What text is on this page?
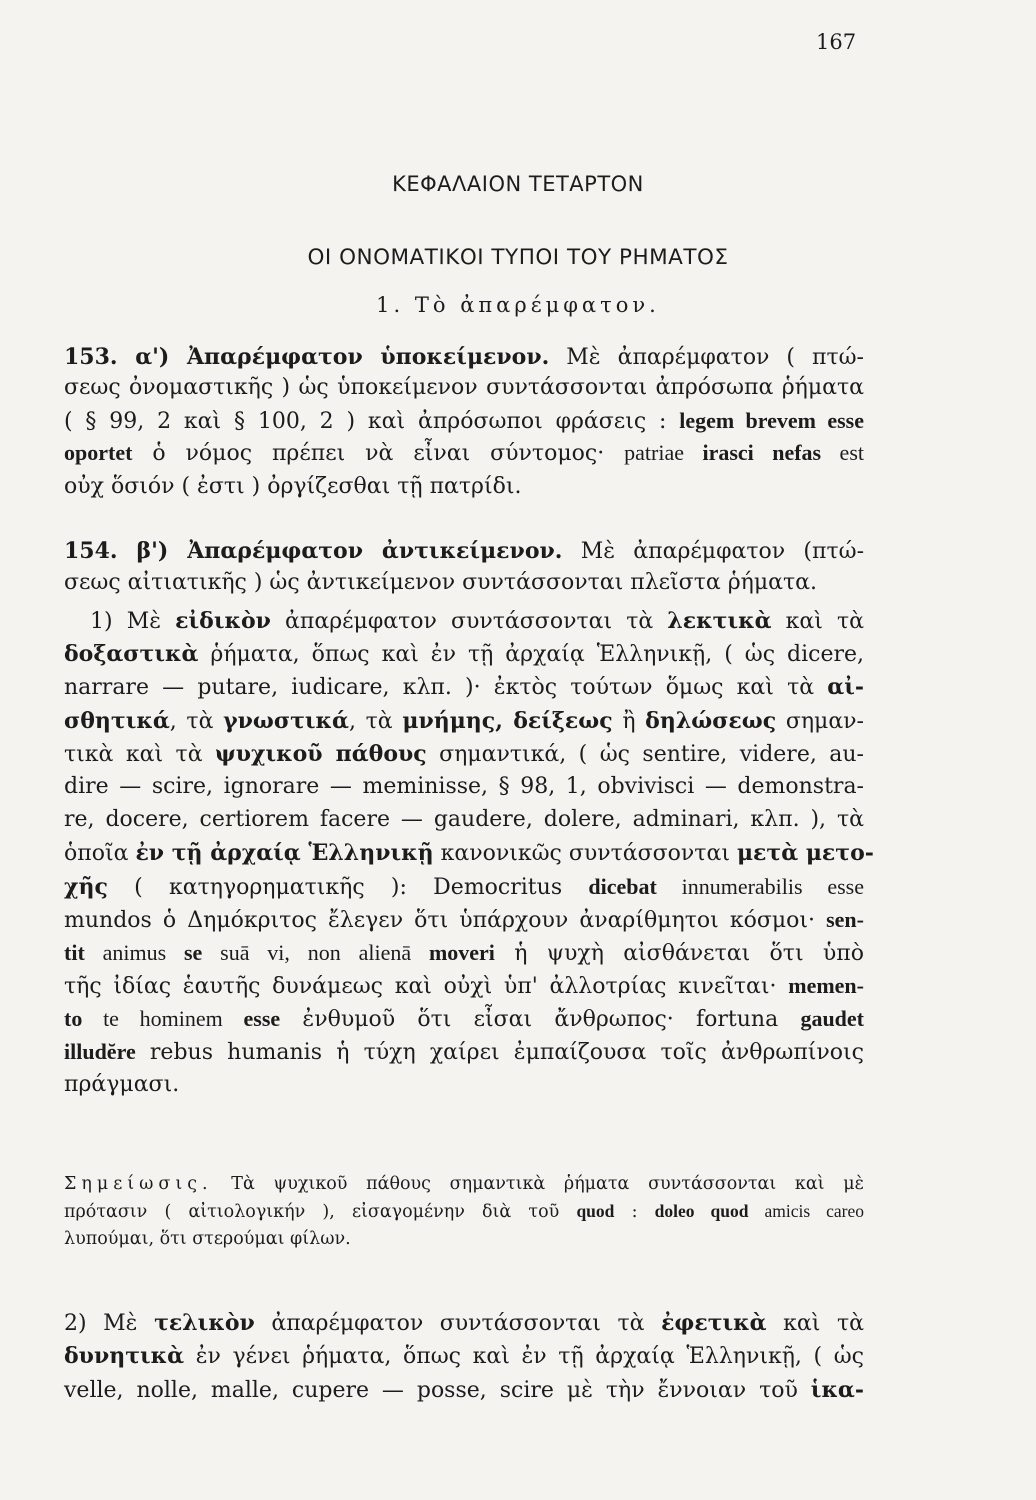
167
ΚΕΦΑΛΑΙΟΝ ΤΕΤΑΡΤΟΝ
ΟΙ ΟΝΟΜΑΤΙΚΟΙ ΤΥΠΟΙ ΤΟΥ ΡΗΜΑΤΟΣ
1. Τὸ ἀπαρέμφατον.
153. α') Ἀπαρέμφατον ὑποκείμενον. Μὲ ἀπαρέμφατον ( πτώ-
σεως ὀνομαστικῆς ) ὡς ὑποκείμενον συντάσσονται ἀπρόσωπα ῥήματα
( § 99, 2 καὶ § 100, 2 ) καὶ ἀπρόσωποι φράσεις : legem brevem esse
oportet ὁ νόμος πρέπει νὰ εἶναι σύντομος· patriae irasci nefas est
οὐχ ὅσιόν ( ἐστι ) ὀργίζεσθαι τῇ πατρίδι.
154. β') Ἀπαρέμφατον ἀντικείμενον. Μὲ ἀπαρέμφατον (πτώ-
σεως αἰτιατικῆς ) ὡς ἀντικείμενον συντάσσονται πλεῖστα ῥήματα.
1) Μὲ εἰδικὸν ἀπαρέμφατον συντάσσονται τὰ λεκτικὰ καὶ τὰ
δοξαστικὰ ῥήματα, ὅπως καὶ ἐν τῇ ἀρχαίᾳ Ἑλληνικῇ, ( ὡς dicere,
narrare — putare, iudicare, κλπ. )· ἐκτὸς τούτων ὅμως καὶ τὰ αἰ-
σθητικά, τὰ γνωστικά, τὰ μνήμης, δείξεως ἢ δηλώσεως σημαν-
τικὰ καὶ τὰ ψυχικοῦ πάθους σημαντικά, ( ὡς sentire, videre, au-
dire — scire, ignorare — meminisse, § 98, 1, obvivisci — demonstra-
re, docere, certiorem facere — gaudere, dolere, adminari, κλπ. ), τὰ
ὁποῖα ἐν τῇ ἀρχαίᾳ Ἑλληνικῇ κανονικῶς συντάσσονται μετὰ μετο-
χῆς ( κατηγορηματικῆς ): Democritus dicebat innumerabilis esse
mundos ὁ Δημόκριτος ἔλεγεν ὅτι ὑπάρχουν ἀναρίθμητοι κόσμοι· sen-
tit animus se suā vi, non alienā moveri ἡ ψυχὴ αἰσθάνεται ὅτι ὑπὸ
τῆς ἰδίας ἑαυτῆς δυνάμεως καὶ οὐχὶ ὑπ' ἀλλοτρίας κινεῖται· memen-
to te hominem esse ἐνθυμοῦ ὅτι εἶσαι ἄνθρωπος· fortuna gaudet
illudĕre rebus humanis ἡ τύχη χαίρει ἐμπαίζουσα τοῖς ἀνθρωπίνοις
πράγμασι.
Σημείωσις. Τὰ ψυχικοῦ πάθους σημαντικὰ ῥήματα συντάσσονται καὶ μὲ
πρότασιν ( αἰτιολογικήν ), εἰσαγομένην διὰ τοῦ quod : doleo quod amicis careo
λυπούμαι, ὅτι στερούμαι φίλων.
2) Μὲ τελικὸν ἀπαρέμφατον συντάσσονται τὰ ἐφετικὰ καὶ τὰ
δυνητικὰ ἐν γένει ῥήματα, ὅπως καὶ ἐν τῇ ἀρχαίᾳ Ἑλληνικῇ, ( ὡς
velle, nolle, malle, cupere — posse, scire μὲ τὴν ἔννοιαν τοῦ ἱκα-
